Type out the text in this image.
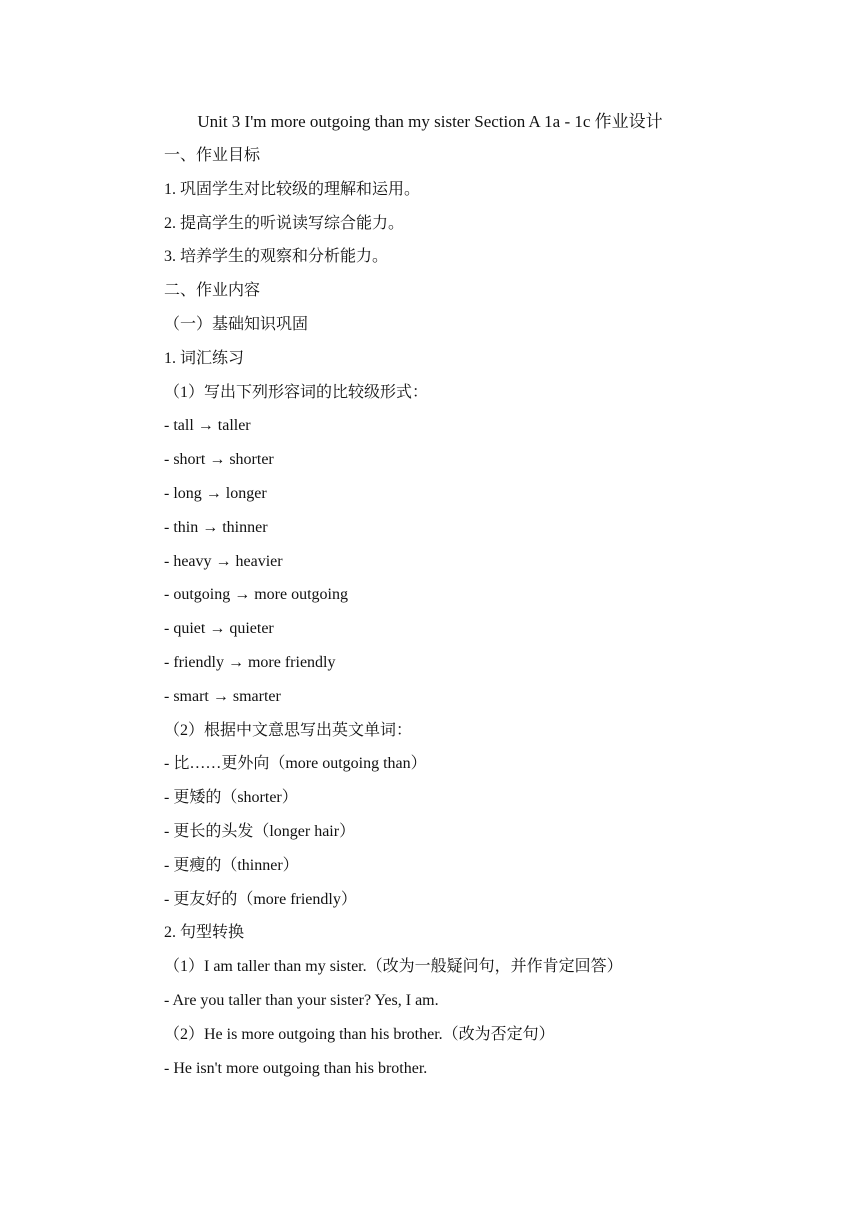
Unit 3 I'm more outgoing than my sister Section A 1a - 1c 作业设计
一、作业目标
1. 巩固学生对比较级的理解和运用。
2. 提高学生的听说读写综合能力。
3. 培养学生的观察和分析能力。
二、作业内容
（一）基础知识巩固
1. 词汇练习
（1）写出下列形容词的比较级形式：
- tall → taller
- short → shorter
- long → longer
- thin → thinner
- heavy → heavier
- outgoing → more outgoing
- quiet → quieter
- friendly → more friendly
- smart → smarter
（2）根据中文意思写出英文单词：
- 比……更外向（more outgoing than）
- 更矮的（shorter）
- 更长的头发（longer hair）
- 更瘦的（thinner）
- 更友好的（more friendly）
2. 句型转换
（1）I am taller than my sister.（改为一般疑问句，并作肯定回答）
- Are you taller than your sister? Yes, I am.
（2）He is more outgoing than his brother.（改为否定句）
- He isn't more outgoing than his brother.
